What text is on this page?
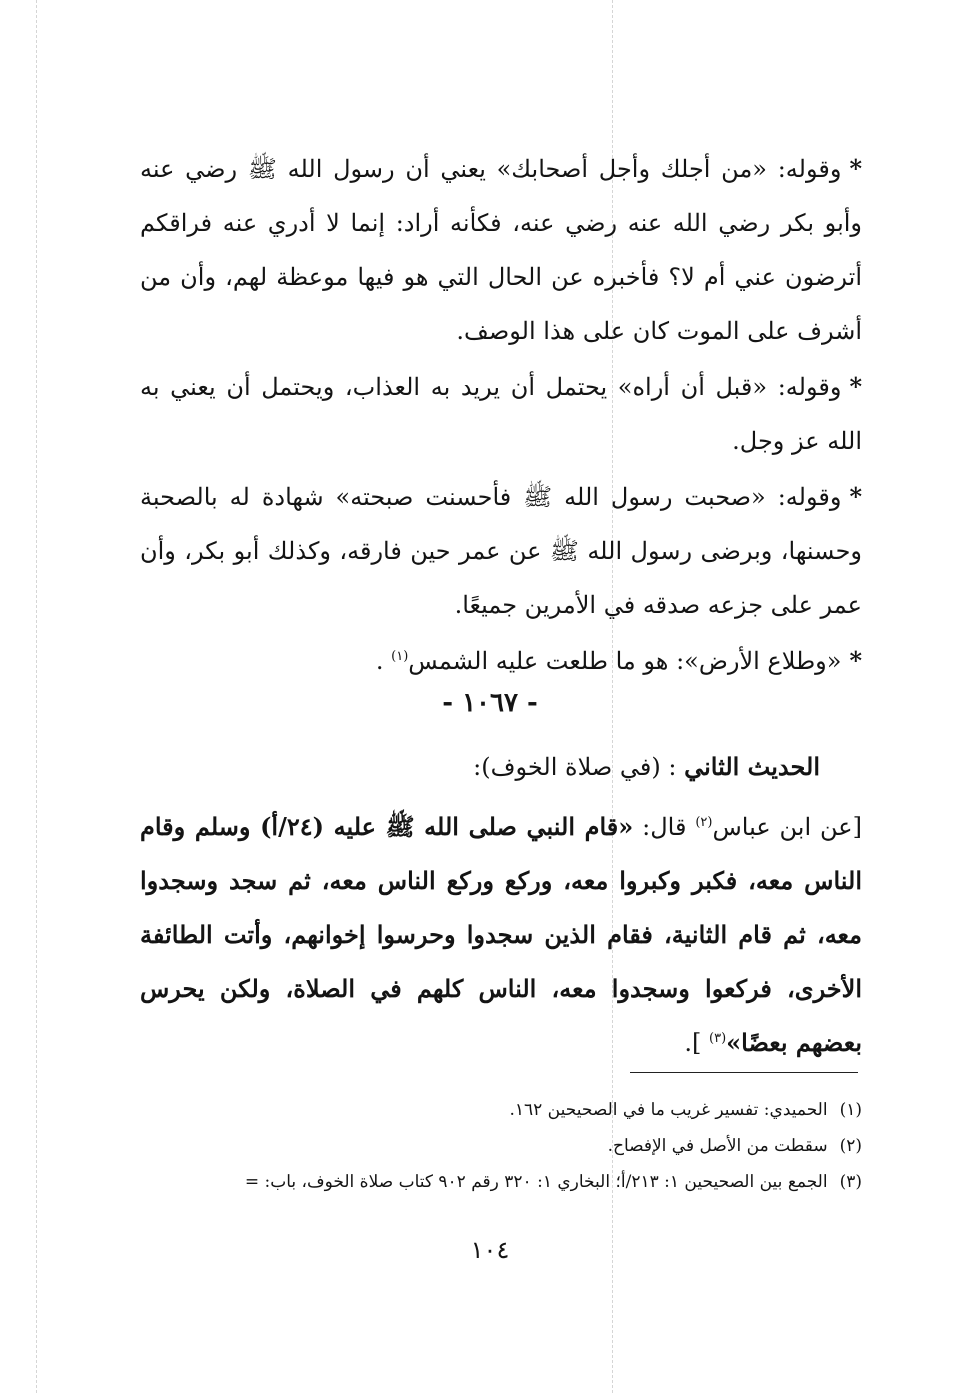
*وقوله: «من أجلك وأجل أصحابك» يعني أن رسول الله ﷺ رضي عنه وأبو بكر رضي الله عنه رضي عنه، فكأنه أراد: إنما لا أدري عنه فراقكم أترضون عني أم لا؟ فأخبره عن الحال التي هو فيها موعظة لهم، وأن من أشرف على الموت كان على هذا الوصف.

*وقوله: «قبل أن أراه» يحتمل أن يريد به العذاب، ويحتمل أن يعني به الله عز وجل.

*وقوله: «صحبت رسول الله ﷺ فأحسنت صبحته» شهادة له بالصحبة وحسنها، وبرضى رسول الله ﷺ عن عمر حين فارقه، وكذلك أبو بكر، وأن عمر على جزعه صدقه في الأمرين جميعًا.

*«وطلاع الأرض»: هو ما طلعت عليه الشمس$^{(١)}$ .

- ١٠٦٧ -
الحديث الثاني : (في صلاة الخوف):
[عن ابن عباس$^{(٢)}$ قال: «قام النبي صلى الله ﷺ عليه (٢٤/أ) وسلم وقام الناس معه، فكبر وكبروا معه، وركع وركع الناس معه، ثم سجد وسجدوا معه، ثم قام الثانية، فقام الذين سجدوا وحرسوا إخوانهم، وأتت الطائفة الأخرى، فركعوا وسجدوا معه، الناس كلهم في الصلاة، ولكن يحرس بعضهم بعضًا»$^{(٣)}$ ].
(١)الحميدي: تفسير غريب ما في الصحيحين ١٦٢.
(٢)سقطت من الأصل في الإفصاح.
(٣)الجمع بين الصحيحين ١: ٢١٣/أ؛ البخاري ١: ٣٢٠ رقم ٩٠٢ كتاب صلاة الخوف، باب: =
١٠٤
